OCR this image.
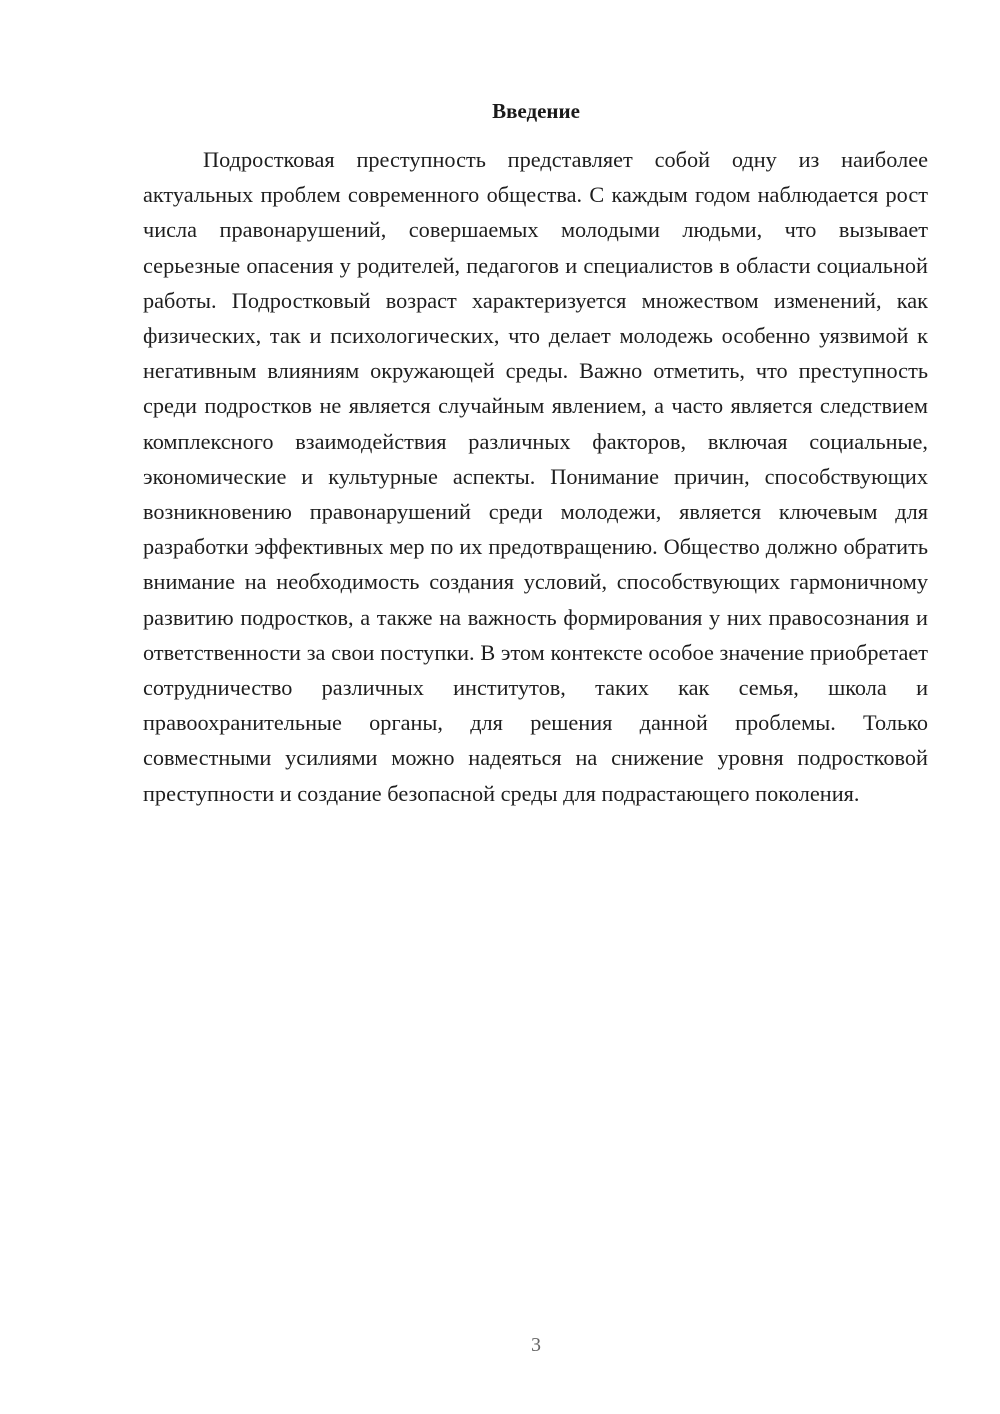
Введение

Подростковая преступность представляет собой одну из наиболее актуальных проблем современного общества. С каждым годом наблюдается рост числа правонарушений, совершаемых молодыми людьми, что вызывает серьезные опасения у родителей, педагогов и специалистов в области социальной работы. Подростковый возраст характеризуется множеством изменений, как физических, так и психологических, что делает молодежь особенно уязвимой к негативным влияниям окружающей среды. Важно отметить, что преступность среди подростков не является случайным явлением, а часто является следствием комплексного взаимодействия различных факторов, включая социальные, экономические и культурные аспекты. Понимание причин, способствующих возникновению правонарушений среди молодежи, является ключевым для разработки эффективных мер по их предотвращению. Общество должно обратить внимание на необходимость создания условий, способствующих гармоничному развитию подростков, а также на важность формирования у них правосознания и ответственности за свои поступки. В этом контексте особое значение приобретает сотрудничество различных институтов, таких как семья, школа и правоохранительные органы, для решения данной проблемы. Только совместными усилиями можно надеяться на снижение уровня подростковой преступности и создание безопасной среды для подрастающего поколения.

3
